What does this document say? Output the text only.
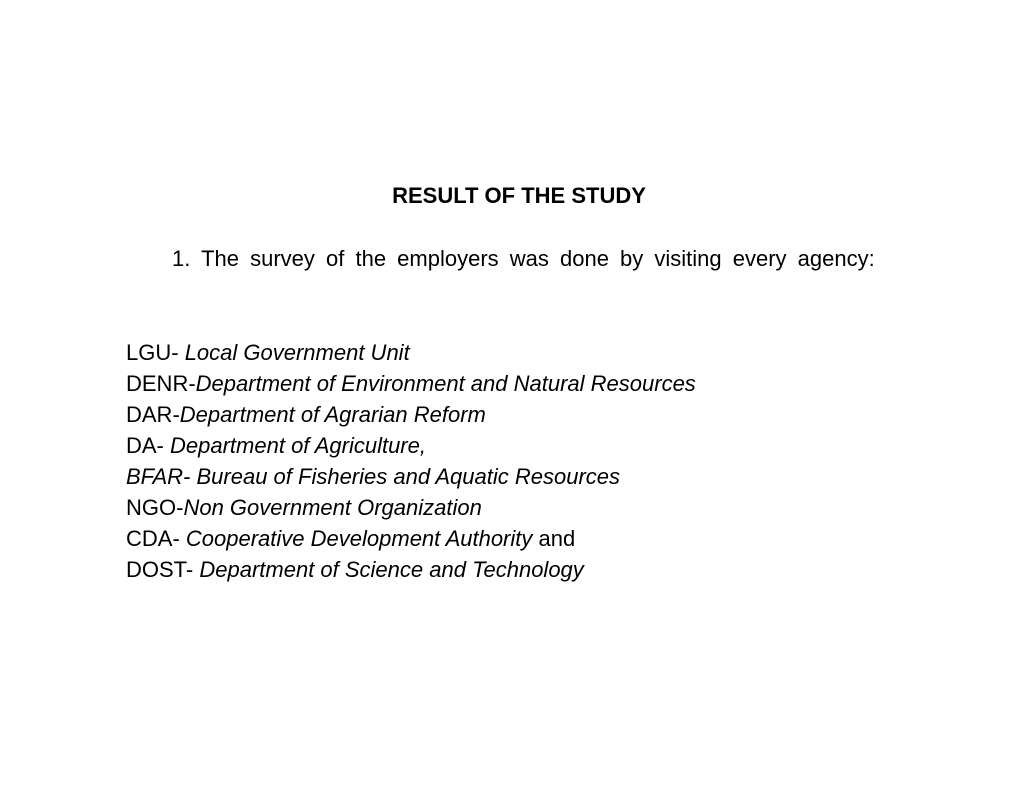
RESULT OF THE STUDY
1. The survey of the employers was done by visiting every agency:
LGU- Local Government Unit
DENR-Department of Environment and Natural Resources
DAR-Department of Agrarian Reform
DA- Department of Agriculture,
BFAR- Bureau of Fisheries and Aquatic Resources
NGO-Non Government Organization
CDA- Cooperative Development Authority and
DOST- Department of Science and Technology
